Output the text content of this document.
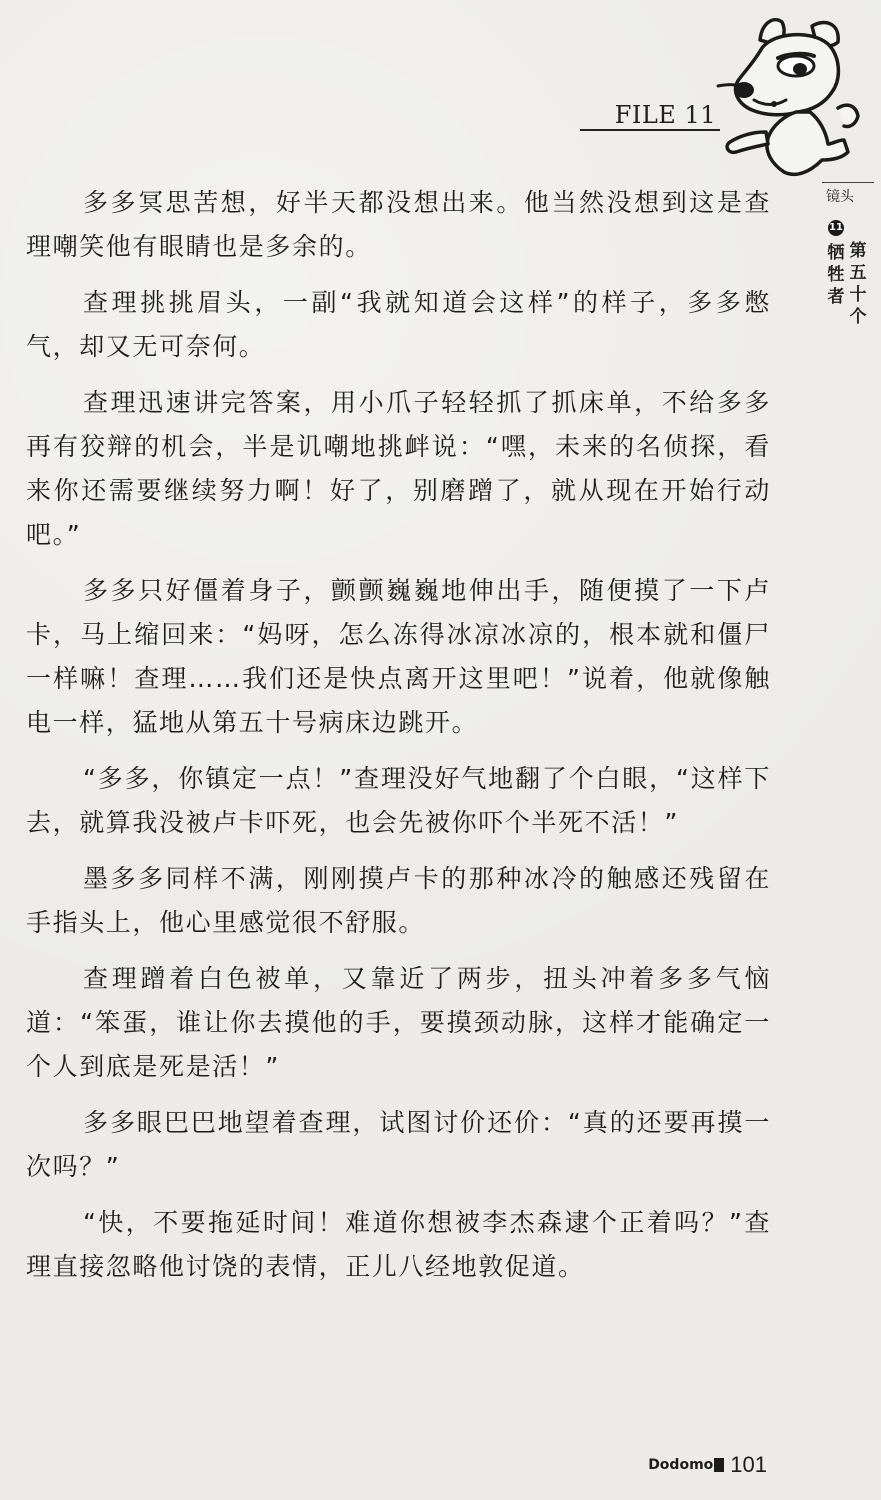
FILE 11
镜头
11
第五十个
牺牲者

多多冥思苦想，好半天都没想出来。他当然没想到这是查理嘲笑他有眼睛也是多余的。

查理挑挑眉头，一副“我就知道会这样”的样子，多多憋气，却又无可奈何。

查理迅速讲完答案，用小爪子轻轻抓了抓床单，不给多多再有狡辩的机会，半是讥嘲地挑衅说：“嘿，未来的名侦探，看来你还需要继续努力啊！好了，别磨蹭了，就从现在开始行动吧。”

多多只好僵着身子，颤颤巍巍地伸出手，随便摸了一下卢卡，马上缩回来：“妈呀，怎么冻得冰凉冰凉的，根本就和僵尸一样嘛！查理……我们还是快点离开这里吧！”说着，他就像触电一样，猛地从第五十号病床边跳开。

“多多，你镇定一点！”查理没好气地翻了个白眼，“这样下去，就算我没被卢卡吓死，也会先被你吓个半死不活！”

墨多多同样不满，刚刚摸卢卡的那种冰冷的触感还残留在手指头上，他心里感觉很不舒服。

查理蹭着白色被单，又靠近了两步，扭头冲着多多气恼道：“笨蛋，谁让你去摸他的手，要摸颈动脉，这样才能确定一个人到底是死是活！”

多多眼巴巴地望着查理，试图讨价还价：“真的还要再摸一次吗？”

“快，不要拖延时间！难道你想被李杰森逮个正着吗？”查理直接忽略他讨饶的表情，正儿八经地敦促道。

Dodomo 101
